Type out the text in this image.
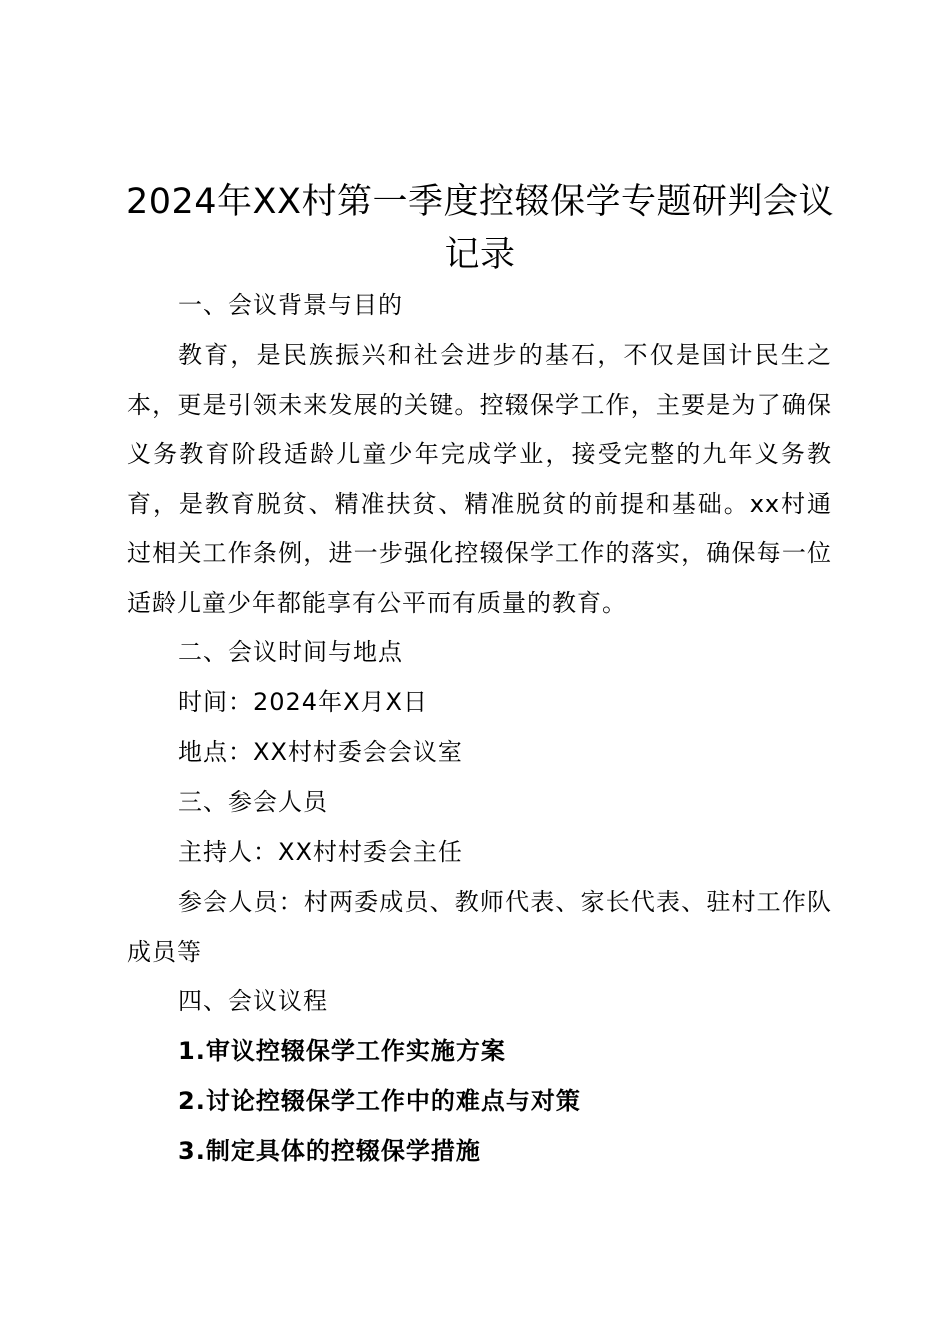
2024年XX村第一季度控辍保学专题研判会议记录

一、会议背景与目的

教育，是民族振兴和社会进步的基石，不仅是国计民生之本，更是引领未来发展的关键。控辍保学工作，主要是为了确保义务教育阶段适龄儿童少年完成学业，接受完整的九年义务教育，是教育脱贫、精准扶贫、精准脱贫的前提和基础。xx村通过相关工作条例，进一步强化控辍保学工作的落实，确保每一位适龄儿童少年都能享有公平而有质量的教育。

二、会议时间与地点

时间：2024年X月X日

地点：XX村村委会会议室

三、参会人员

主持人：XX村村委会主任

参会人员：村两委成员、教师代表、家长代表、驻村工作队成员等

四、会议议程

1.审议控辍保学工作实施方案

2.讨论控辍保学工作中的难点与对策

3.制定具体的控辍保学措施
